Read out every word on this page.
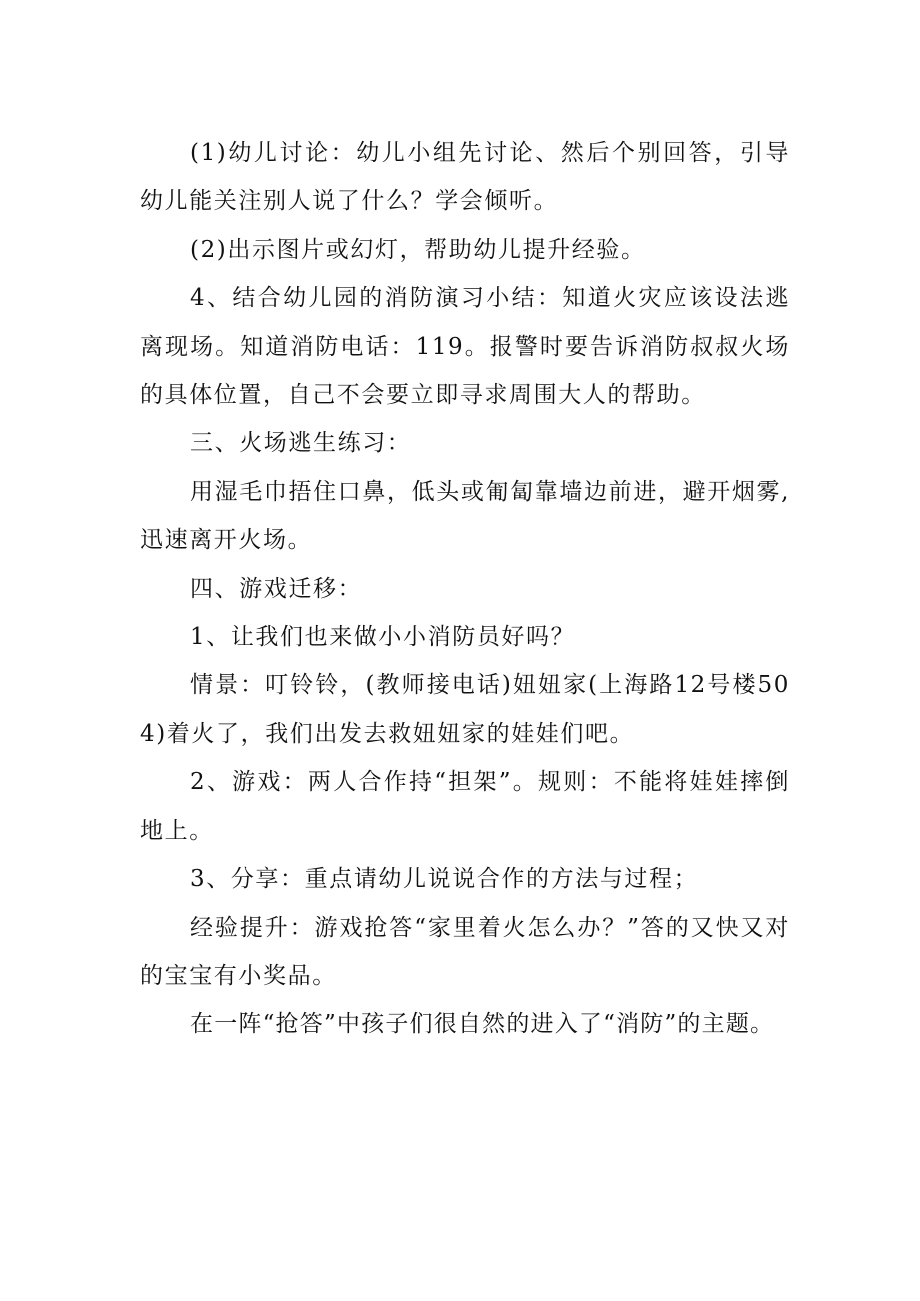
(1)幼儿讨论：幼儿小组先讨论、然后个别回答，引导幼儿能关注别人说了什么？学会倾听。

(2)出示图片或幻灯，帮助幼儿提升经验。

4、结合幼儿园的消防演习小结：知道火灾应该设法逃离现场。知道消防电话：119。报警时要告诉消防叔叔火场的具体位置，自己不会要立即寻求周围大人的帮助。

三、火场逃生练习：

用湿毛巾捂住口鼻，低头或匍匐靠墙边前进，避开烟雾,迅速离开火场。

四、游戏迁移：

1、让我们也来做小小消防员好吗？

情景：叮铃铃，(教师接电话)妞妞家(上海路12号楼504)着火了，我们出发去救妞妞家的娃娃们吧。

2、游戏：两人合作持“担架”。规则：不能将娃娃摔倒地上。

3、分享：重点请幼儿说说合作的方法与过程；

经验提升：游戏抢答“家里着火怎么办？”答的又快又对的宝宝有小奖品。

在一阵“抢答”中孩子们很自然的进入了“消防”的主题。
